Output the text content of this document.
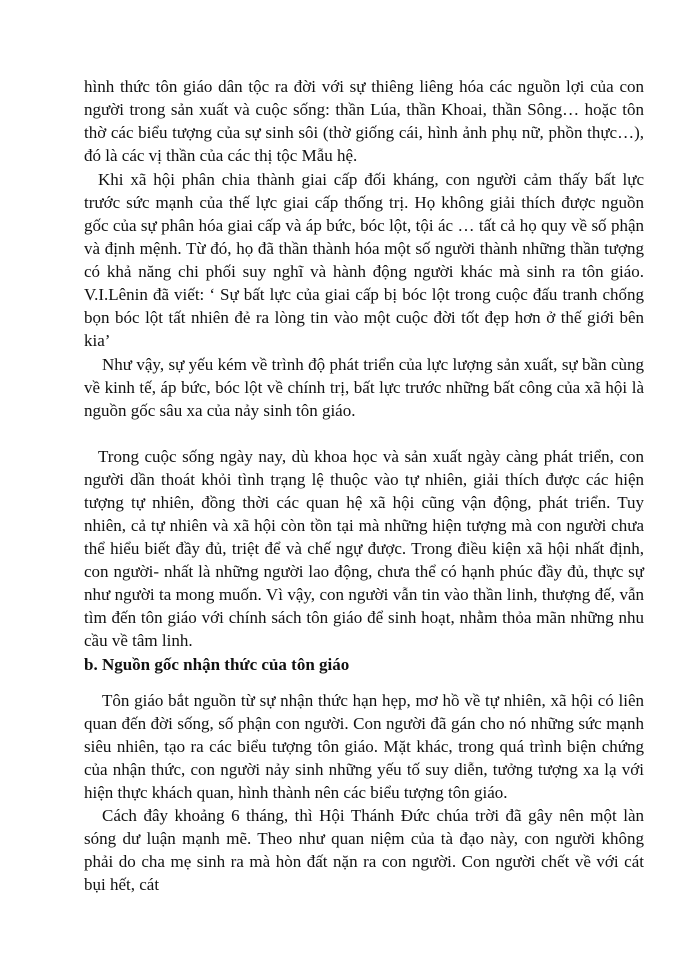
hình thức tôn giáo dân tộc ra đời với sự thiêng liêng hóa các nguồn lợi của con người trong sản xuất và cuộc sống: thần Lúa, thần Khoai, thần Sông… hoặc tôn thờ các biểu tượng của sự sinh sôi (thờ giống cái, hình ảnh phụ nữ, phồn thực…), đó là các vị thần của các thị tộc Mẫu hệ.

Khi xã hội phân chia thành giai cấp đối kháng, con người cảm thấy bất lực trước sức mạnh của thế lực giai cấp thống trị. Họ không giải thích được nguồn gốc của sự phân hóa giai cấp và áp bức, bóc lột, tội ác … tất cả họ quy về số phận và định mệnh. Từ đó, họ đã thần thành hóa một số người thành những thần tượng có khả năng chi phối suy nghĩ và hành động người khác mà sinh ra tôn giáo. V.I.Lênin đã viết: ‘ Sự bất lực của giai cấp bị bóc lột trong cuộc đấu tranh chống bọn bóc lột tất nhiên đẻ ra lòng tin vào một cuộc đời tốt đẹp hơn ở thế giới bên kia’

Như vậy, sự yếu kém về trình độ phát triển của lực lượng sản xuất, sự bần cùng về kinh tế, áp bức, bóc lột về chính trị, bất lực trước những bất công của xã hội là nguồn gốc sâu xa của nảy sinh tôn giáo.

Trong cuộc sống ngày nay, dù khoa học và sản xuất ngày càng phát triển, con người dần thoát khỏi tình trạng lệ thuộc vào tự nhiên, giải thích được các hiện tượng tự nhiên, đồng thời các quan hệ xã hội cũng vận động, phát triển. Tuy nhiên, cả tự nhiên và xã hội còn tồn tại mà những hiện tượng mà con người chưa thể hiểu biết đầy đủ, triệt để và chế ngự được. Trong điều kiện xã hội nhất định, con người- nhất là những người lao động, chưa thể có hạnh phúc đầy đủ, thực sự như người ta mong muốn. Vì vậy, con người vẫn tin vào thần linh, thượng đế, vẫn tìm đến tôn giáo với chính sách tôn giáo để sinh hoạt, nhằm thỏa mãn những nhu cầu về tâm linh.

b. Nguồn gốc nhận thức của tôn giáo

Tôn giáo bắt nguồn từ sự nhận thức hạn hẹp, mơ hồ về tự nhiên, xã hội có liên quan đến đời sống, số phận con người. Con người đã gán cho nó những sức mạnh siêu nhiên, tạo ra các biểu tượng tôn giáo. Mặt khác, trong quá trình biện chứng của nhận thức, con người nảy sinh những yếu tố suy diễn, tưởng tượng xa lạ với hiện thực khách quan, hình thành nên các biểu tượng tôn giáo.

Cách đây khoảng 6 tháng, thì Hội Thánh Đức chúa trời đã gây nên một làn sóng dư luận mạnh mẽ. Theo như quan niệm của tà đạo này, con người không phải do cha mẹ sinh ra mà hòn đất nặn ra con người. Con người chết về với cát bụi hết, cát
